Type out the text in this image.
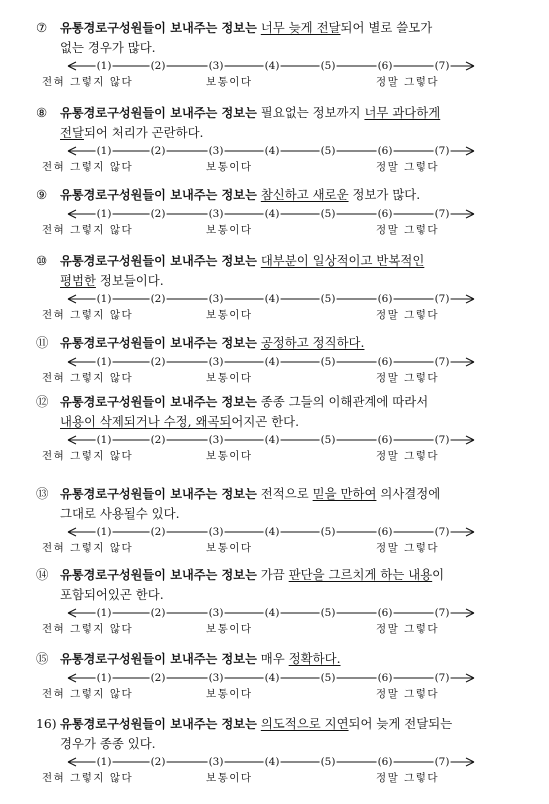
⑦ 유통경로구성원들이 보내주는 정보는 너무 늦게 전달되어 별로 쓸모가

없는 경우가 많다.

(1)	(2)	(3)	(4)	(5)	(6)	(7)
전혀 그렇지 않다	보통이다	정말 그렇다

⑧ 유통경로구성원들이 보내주는 정보는 필요없는 정보까지 너무 과다하게

전달되어 처리가 곤란하다.

(1)	(2)	(3)	(4)	(5)	(6)	(7)
전혀 그렇지 않다	보통이다	정말 그렇다

⑨ 유통경로구성원들이 보내주는 정보는 참신하고 새로운 정보가 많다.

(1)	(2)	(3)	(4)	(5)	(6)	(7)
전혀 그렇지 않다	보통이다	정말 그렇다

⑩ 유통경로구성원들이 보내주는 정보는 대부분이 일상적이고 반복적인

평범한 정보들이다.

(1)	(2)	(3)	(4)	(5)	(6)	(7)
전혀 그렇지 않다	보통이다	정말 그렇다

⑪ 유통경로구성원들이 보내주는 정보는 공정하고 정직하다.

(1)	(2)	(3)	(4)	(5)	(6)	(7)
전혀 그렇지 않다	보통이다	정말 그렇다

⑫ 유통경로구성원들이 보내주는 정보는 종종 그들의 이해관계에 따라서

내용이 삭제되거나 수정, 왜곡되어지곤 한다.

(1)	(2)	(3)	(4)	(5)	(6)	(7)
전혀 그렇지 않다	보통이다	정말 그렇다

⑬ 유통경로구성원들이 보내주는 정보는 전적으로 믿을 만하여 의사결정에

그대로 사용될수 있다.

(1)	(2)	(3)	(4)	(5)	(6)	(7)
전혀 그렇지 않다	보통이다	정말 그렇다

⑭ 유통경로구성원들이 보내주는 정보는 가끔 판단을 그르치게 하는 내용이

포함되어있곤 한다.

(1)	(2)	(3)	(4)	(5)	(6)	(7)
전혀 그렇지 않다	보통이다	정말 그렇다

⑮ 유통경로구성원들이 보내주는 정보는 매우 정확하다.

(1)	(2)	(3)	(4)	(5)	(6)	(7)
전혀 그렇지 않다	보통이다	정말 그렇다

16) 유통경로구성원들이 보내주는 정보는 의도적으로 지연되어 늦게 전달되는

경우가 종종 있다.

(1)	(2)	(3)	(4)	(5)	(6)	(7)
전혀 그렇지 않다	보통이다	정말 그렇다
